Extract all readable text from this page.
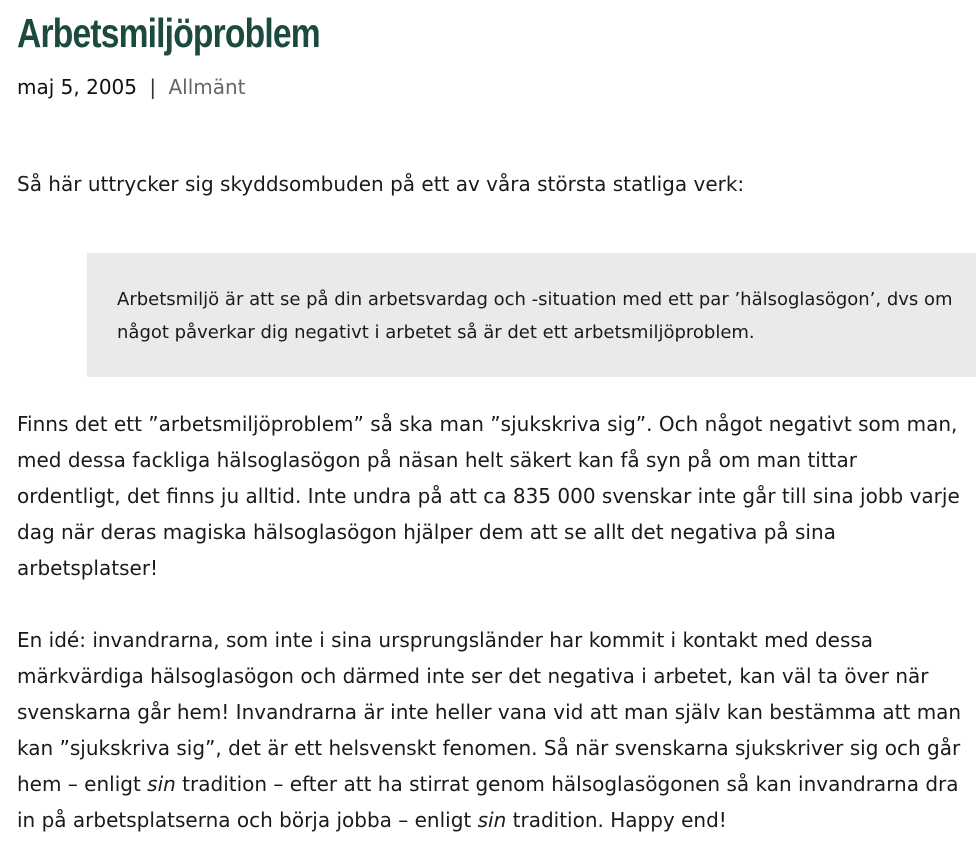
Arbetsmiljöproblem
maj 5, 2005 | Allmänt

Så här uttrycker sig skyddsombuden på ett av våra största statliga verk:

Arbetsmiljö är att se på din arbetsvardag och -situation med ett par ’hälsoglasögon’, dvs om något påverkar dig negativt i arbetet så är det ett arbetsmiljöproblem.

Finns det ett ”arbetsmiljöproblem” så ska man ”sjukskriva sig”. Och något negativt som man, med dessa fackliga hälsoglasögon på näsan helt säkert kan få syn på om man tittar ordentligt, det finns ju alltid. Inte undra på att ca 835 000 svenskar inte går till sina jobb varje dag när deras magiska hälsoglasögon hjälper dem att se allt det negativa på sina arbetsplatser!

En idé: invandrarna, som inte i sina ursprungsländer har kommit i kontakt med dessa märkvärdiga hälsoglasögon och därmed inte ser det negativa i arbetet, kan väl ta över när svenskarna går hem! Invandrarna är inte heller vana vid att man själv kan bestämma att man kan ”sjukskriva sig”, det är ett helsvenskt fenomen. Så när svenskarna sjukskriver sig och går hem – enligt sin tradition – efter att ha stirrat genom hälsoglasögonen så kan invandrarna dra in på arbetsplatserna och börja jobba – enligt sin tradition. Happy end!
